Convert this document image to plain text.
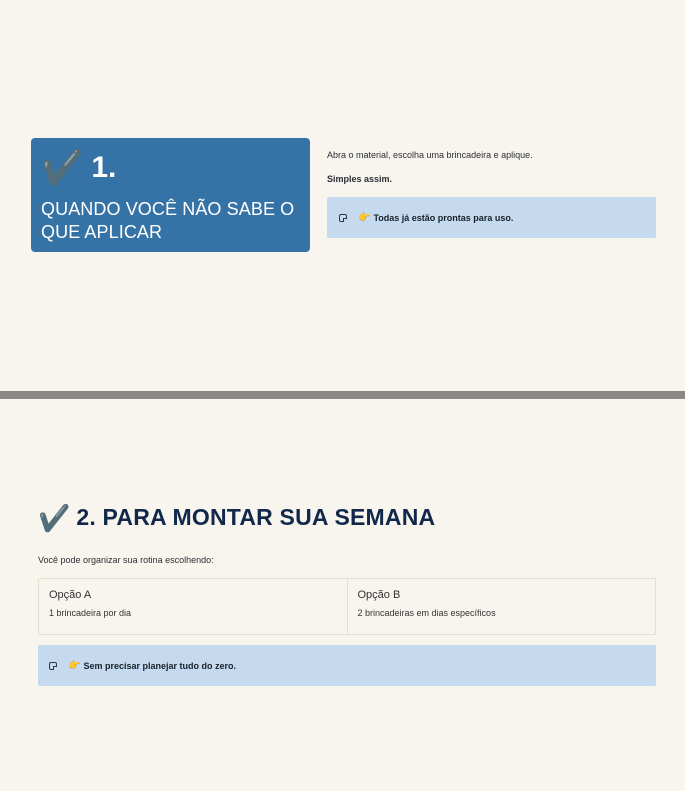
✔️ 1.
QUANDO VOCÊ NÃO SABE O QUE APLICAR

Abra o material, escolha uma brincadeira e aplique.

Simples assim.

👉 Todas já estão prontas para uso.
✔️ 2. PARA MONTAR SUA SEMANA

Você pode organizar sua rotina escolhendo:

Opção A
1 brincadeira por dia
Opção B
2 brincadeiras em dias específicos
👉 Sem precisar planejar tudo do zero.
